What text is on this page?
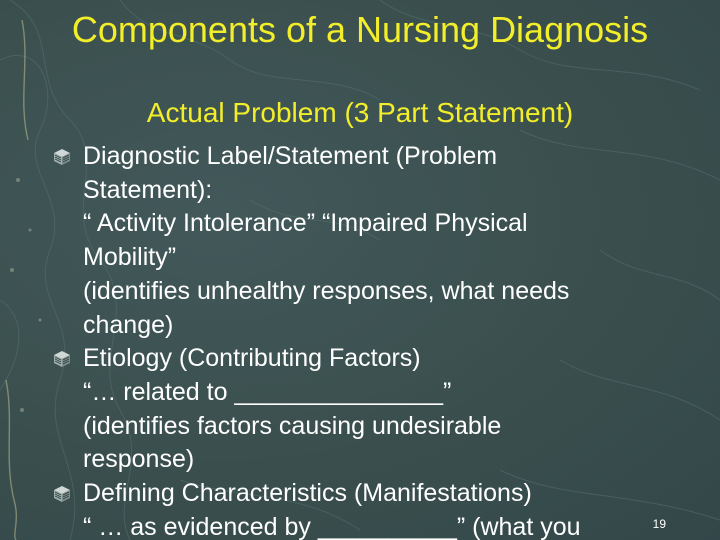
Components of a Nursing Diagnosis
Actual Problem (3 Part Statement)
Diagnostic Label/Statement (Problem
Statement):
“ Activity Intolerance” “Impaired Physical
Mobility”
(identifies unhealthy responses, what needs
change)
Etiology (Contributing Factors)
“… related to _______________”
(identifies factors causing undesirable
response)
Defining Characteristics (Manifestations)
“ … as evidenced by __________” (what you	19
